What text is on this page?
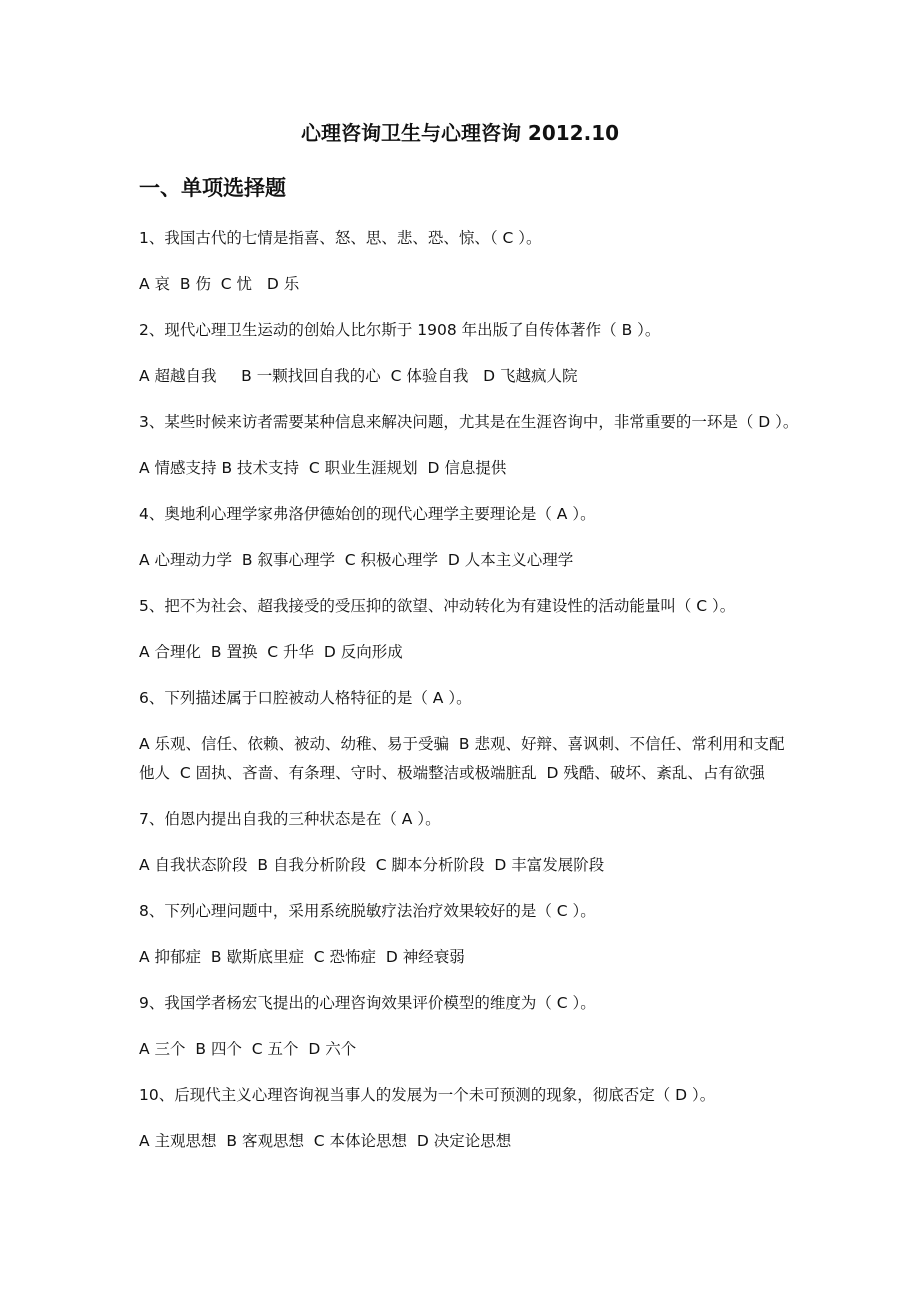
心理咨询卫生与心理咨询 2012.10
一、单项选择题

1、我国古代的七情是指喜、怒、思、悲、恐、惊、（ C ）。

A 哀  B 伤  C 忧   D 乐

2、现代心理卫生运动的创始人比尔斯于 1908 年出版了自传体著作（ B ）。

A 超越自我     B 一颗找回自我的心  C 体验自我   D 飞越疯人院

3、某些时候来访者需要某种信息来解决问题，尤其是在生涯咨询中，非常重要的一环是（ D ）。

A 情感支持 B 技术支持  C 职业生涯规划  D 信息提供

4、奥地利心理学家弗洛伊德始创的现代心理学主要理论是（ A ）。

A 心理动力学  B 叙事心理学  C 积极心理学  D 人本主义心理学

5、把不为社会、超我接受的受压抑的欲望、冲动转化为有建设性的活动能量叫（ C ）。

A 合理化  B 置换  C 升华  D 反向形成

6、下列描述属于口腔被动人格特征的是（ A ）。

A 乐观、信任、依赖、被动、幼稚、易于受骗  B 悲观、好辩、喜讽刺、不信任、常利用和支配他人  C 固执、吝啬、有条理、守时、极端整洁或极端脏乱  D 残酷、破坏、紊乱、占有欲强

7、伯恩内提出自我的三种状态是在（ A ）。

A 自我状态阶段  B 自我分析阶段  C 脚本分析阶段  D 丰富发展阶段

8、下列心理问题中，采用系统脱敏疗法治疗效果较好的是（ C ）。

A 抑郁症  B 歇斯底里症  C 恐怖症  D 神经衰弱

9、我国学者杨宏飞提出的心理咨询效果评价模型的维度为（ C ）。

A 三个  B 四个  C 五个  D 六个

10、后现代主义心理咨询视当事人的发展为一个未可预测的现象，彻底否定（ D ）。

A 主观思想  B 客观思想  C 本体论思想  D 决定论思想
